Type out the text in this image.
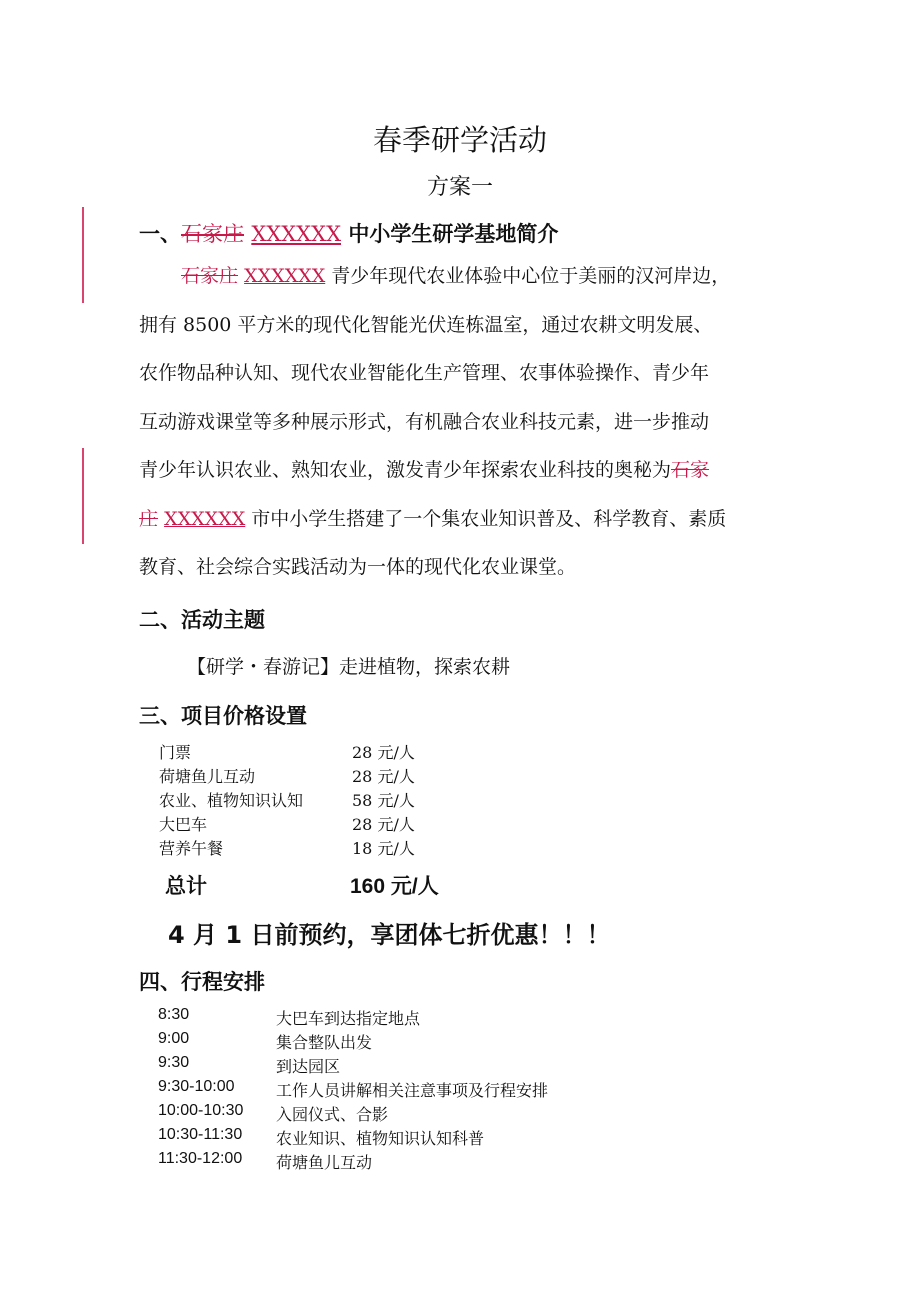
春季研学活动
方案一
一、石家庄 XXXXXX 中小学生研学基地简介
石家庄 XXXXXX 青少年现代农业体验中心位于美丽的汉河岸边，
拥有 8500 平方米的现代化智能光伏连栋温室，通过农耕文明发展、
农作物品种认知、现代农业智能化生产管理、农事体验操作、青少年
互动游戏课堂等多种展示形式，有机融合农业科技元素，进一步推动
青少年认识农业、熟知农业，激发青少年探索农业科技的奥秘为石家
庄 XXXXXX 市中小学生搭建了一个集农业知识普及、科学教育、素质
教育、社会综合实践活动为一体的现代化农业课堂。
二、活动主题
【研学・春游记】走进植物，探索农耕
三、项目价格设置
门票	28 元/人
荷塘鱼儿互动	28 元/人
农业、植物知识认知	58 元/人
大巴车	28 元/人
营养午餐	18 元/人
总计	160 元/人
4 月 1 日前预约，享团体七折优惠！！！
四、行程安排
8:30	大巴车到达指定地点
9:00	集合整队出发
9:30	到达园区
9:30-10:00	工作人员讲解相关注意事项及行程安排
10:00-10:30 入园仪式、合影
10:30-11:30 农业知识、植物知识认知科普
11:30-12:00 荷塘鱼儿互动
